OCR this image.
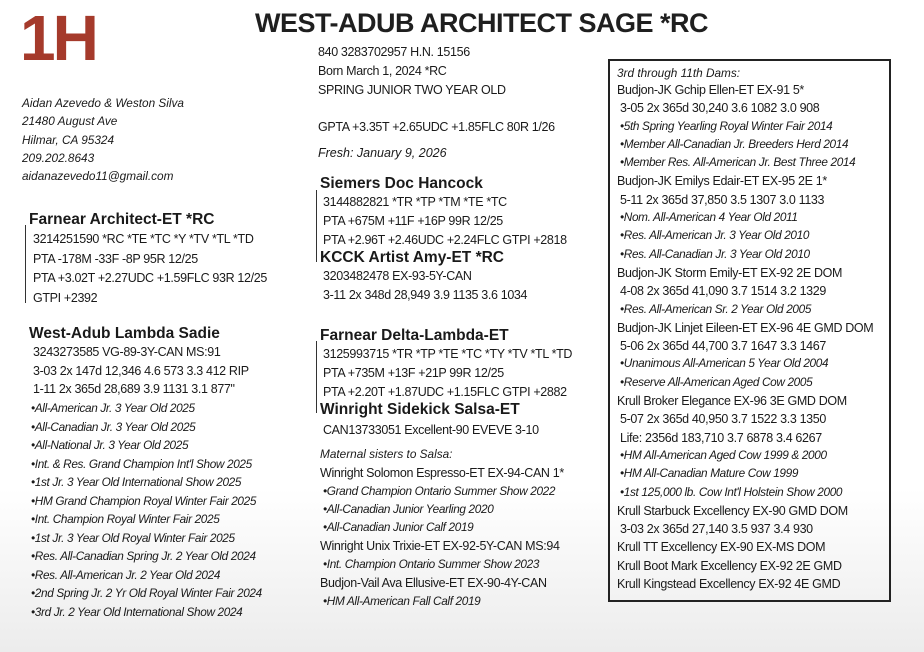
1H	WEST-ADUB ARCHITECT SAGE *RC
840 3283702957 H.N. 15156
Born March 1, 2024 *RC
SPRING JUNIOR TWO YEAR OLD
GPTA +3.35T +2.65UDC +1.85FLC 80R 1/26
Fresh: January 9, 2026
Aidan Azevedo & Weston Silva
21480 August Ave
Hilmar, CA 95324
209.202.8643
aidanazevedo11@gmail.com
Farnear Architect-ET *RC
3214251590 *RC *TE *TC *Y *TV *TL *TD
PTA -178M -33F -8P 95R 12/25
PTA +3.02T +2.27UDC +1.59FLC 93R 12/25
GTPI +2392
West-Adub Lambda Sadie
3243273585 VG-89-3Y-CAN MS:91
3-03 2x 147d 12,346 4.6 573 3.3 412 RIP
1-11 2x 365d 28,689 3.9 1131 3.1 877"
•All-American Jr. 3 Year Old 2025
•All-Canadian Jr. 3 Year Old 2025
•All-National Jr. 3 Year Old 2025
•Int. & Res. Grand Champion Int'l Show 2025
•1st Jr. 3 Year Old International Show 2025
•HM Grand Champion Royal Winter Fair 2025
•Int. Champion Royal Winter Fair 2025
•1st Jr. 3 Year Old Royal Winter Fair 2025
•Res. All-Canadian Spring Jr. 2 Year Old 2024
•Res. All-American Jr. 2 Year Old 2024
•2nd Spring Jr. 2 Yr Old Royal Winter Fair 2024
•3rd Jr. 2 Year Old International Show 2024
Siemers Doc Hancock
3144882821 *TR *TP *TM *TE *TC
PTA +675M +11F +16P 99R 12/25
PTA +2.96T +2.46UDC +2.24FLC GTPI +2818
KCCK Artist Amy-ET *RC
3203482478 EX-93-5Y-CAN
3-11 2x 348d 28,949 3.9 1135 3.6 1034
Farnear Delta-Lambda-ET
3125993715 *TR *TP *TE *TC *TY *TV *TL *TD
PTA +735M +13F +21P 99R 12/25
PTA +2.20T +1.87UDC +1.15FLC GTPI +2882
Winright Sidekick Salsa-ET
CAN13733051 Excellent-90 EVEVE 3-10
Maternal sisters to Salsa:
Winright Solomon Espresso-ET EX-94-CAN 1*
•Grand Champion Ontario Summer Show 2022
•All-Canadian Junior Yearling 2020
•All-Canadian Junior Calf 2019
Winright Unix Trixie-ET EX-92-5Y-CAN MS:94
•Int. Champion Ontario Summer Show 2023
Budjon-Vail Ava Ellusive-ET EX-90-4Y-CAN
•HM All-American Fall Calf 2019
3rd through 11th Dams:
Budjon-JK Gchip Ellen-ET EX-91 5*
3-05 2x 365d 30,240 3.6 1082 3.0 908
•5th Spring Yearling Royal Winter Fair 2014
•Member All-Canadian Jr. Breeders Herd 2014
•Member Res. All-American Jr. Best Three 2014
Budjon-JK Emilys Edair-ET EX-95 2E 1*
5-11 2x 365d 37,850 3.5 1307 3.0 1133
•Nom. All-American 4 Year Old 2011
•Res. All-American Jr. 3 Year Old 2010
•Res. All-Canadian Jr. 3 Year Old 2010
Budjon-JK Storm Emily-ET EX-92 2E DOM
4-08 2x 365d 41,090 3.7 1514 3.2 1329
•Res. All-American Sr. 2 Year Old 2005
Budjon-JK Linjet Eileen-ET EX-96 4E GMD DOM
5-06 2x 365d 44,700 3.7 1647 3.3 1467
•Unanimous All-American 5 Year Old 2004
•Reserve All-American Aged Cow 2005
Krull Broker Elegance EX-96 3E GMD DOM
5-07 2x 365d 40,950 3.7 1522 3.3 1350
Life: 2356d 183,710 3.7 6878 3.4 6267
•HM All-American Aged Cow 1999 & 2000
•HM All-Canadian Mature Cow 1999
•1st 125,000 lb. Cow Int'l Holstein Show 2000
Krull Starbuck Excellency EX-90 GMD DOM
3-03 2x 365d 27,140 3.5 937 3.4 930
Krull TT Excellency EX-90 EX-MS DOM
Krull Boot Mark Excellency EX-92 2E GMD
Krull Kingstead Excellency EX-92 4E GMD
